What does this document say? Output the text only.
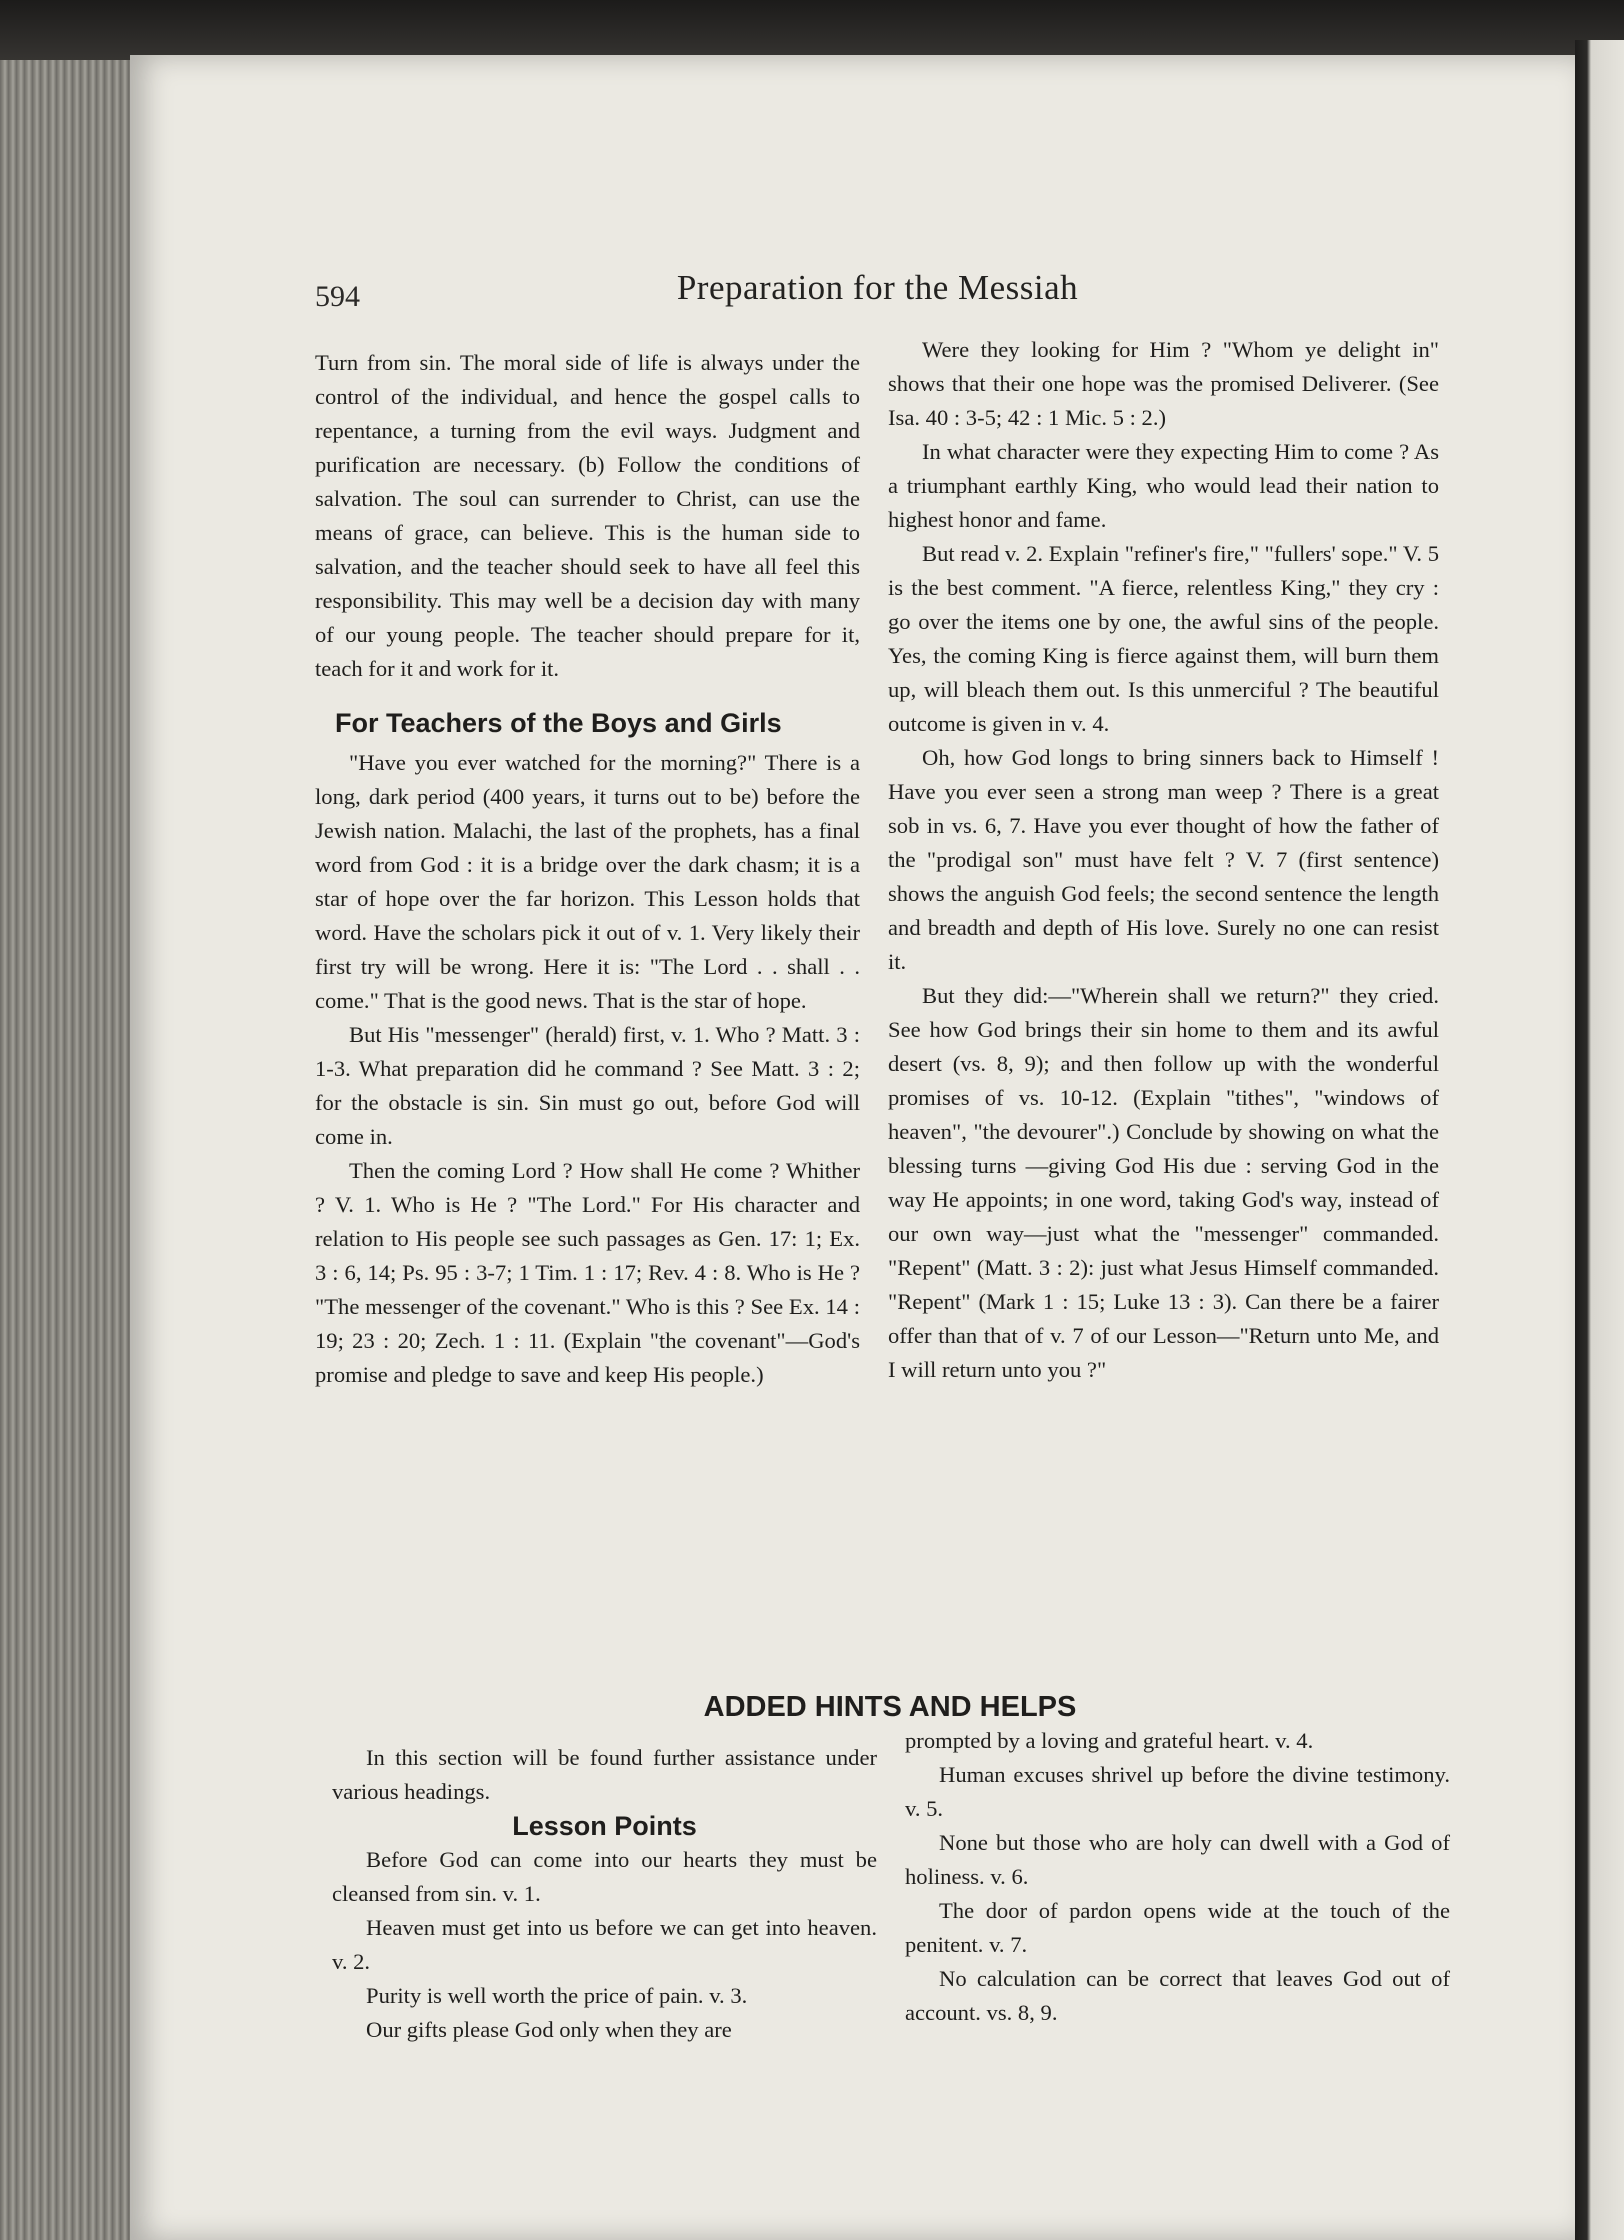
594	Preparation for the Messiah

Turn from sin. The moral side of life is always under the control of the individual, and hence the gospel calls to repentance, a turning from the evil ways. Judgment and purification are necessary. (b) Follow the conditions of salvation. The soul can surrender to Christ, can use the means of grace, can believe. This is the human side to salvation, and the teacher should seek to have all feel this responsibility. This may well be a decision day with many of our young people. The teacher should prepare for it, teach for it and work for it.

For Teachers of the Boys and Girls

"Have you ever watched for the morning?" There is a long, dark period (400 years, it turns out to be) before the Jewish nation. Malachi, the last of the prophets, has a final word from God : it is a bridge over the dark chasm; it is a star of hope over the far horizon. This Lesson holds that word. Have the scholars pick it out of v. 1. Very likely their first try will be wrong. Here it is: "The Lord . . shall . . come." That is the good news. That is the star of hope.

But His "messenger" (herald) first, v. 1. Who ? Matt. 3 : 1-3. What preparation did he command ? See Matt. 3 : 2; for the obstacle is sin. Sin must go out, before God will come in.

Then the coming Lord ? How shall He come ? Whither ? V. 1. Who is He ? "The Lord." For His character and relation to His people see such passages as Gen. 17: 1; Ex. 3 : 6, 14; Ps. 95 : 3-7; 1 Tim. 1 : 17; Rev. 4 : 8. Who is He ? "The messenger of the covenant." Who is this ? See Ex. 14 : 19; 23 : 20; Zech. 1 : 11. (Explain "the covenant"—God's promise and pledge to save and keep His people.)

Were they looking for Him ? "Whom ye delight in" shows that their one hope was the promised Deliverer. (See Isa. 40 : 3-5; 42 : 1 Mic. 5 : 2.)

In what character were they expecting Him to come ? As a triumphant earthly King, who would lead their nation to highest honor and fame.

But read v. 2. Explain "refiner's fire," "fullers' sope." V. 5 is the best comment. "A fierce, relentless King," they cry : go over the items one by one, the awful sins of the people. Yes, the coming King is fierce against them, will burn them up, will bleach them out. Is this unmerciful ? The beautiful outcome is given in v. 4.

Oh, how God longs to bring sinners back to Himself ! Have you ever seen a strong man weep ? There is a great sob in vs. 6, 7. Have you ever thought of how the father of the "prodigal son" must have felt ? V. 7 (first sentence) shows the anguish God feels; the second sentence the length and breadth and depth of His love. Surely no one can resist it.

But they did:—"Wherein shall we return?" they cried. See how God brings their sin home to them and its awful desert (vs. 8, 9); and then follow up with the wonderful promises of vs. 10-12. (Explain "tithes", "windows of heaven", "the devourer".) Conclude by showing on what the blessing turns —giving God His due : serving God in the way He appoints; in one word, taking God's way, instead of our own way—just what the "messenger" commanded. "Repent" (Matt. 3 : 2): just what Jesus Himself commanded. "Repent" (Mark 1 : 15; Luke 13 : 3). Can there be a fairer offer than that of v. 7 of our Lesson—"Return unto Me, and I will return unto you ?"

ADDED HINTS AND HELPS

In this section will be found further assistance under various headings.

Lesson Points

Before God can come into our hearts they must be cleansed from sin. v. 1.

Heaven must get into us before we can get into heaven. v. 2.

Purity is well worth the price of pain. v. 3.

Our gifts please God only when they are

prompted by a loving and grateful heart. v. 4.

Human excuses shrivel up before the divine testimony. v. 5.

None but those who are holy can dwell with a God of holiness. v. 6.

The door of pardon opens wide at the touch of the penitent. v. 7.

No calculation can be correct that leaves God out of account. vs. 8, 9.
